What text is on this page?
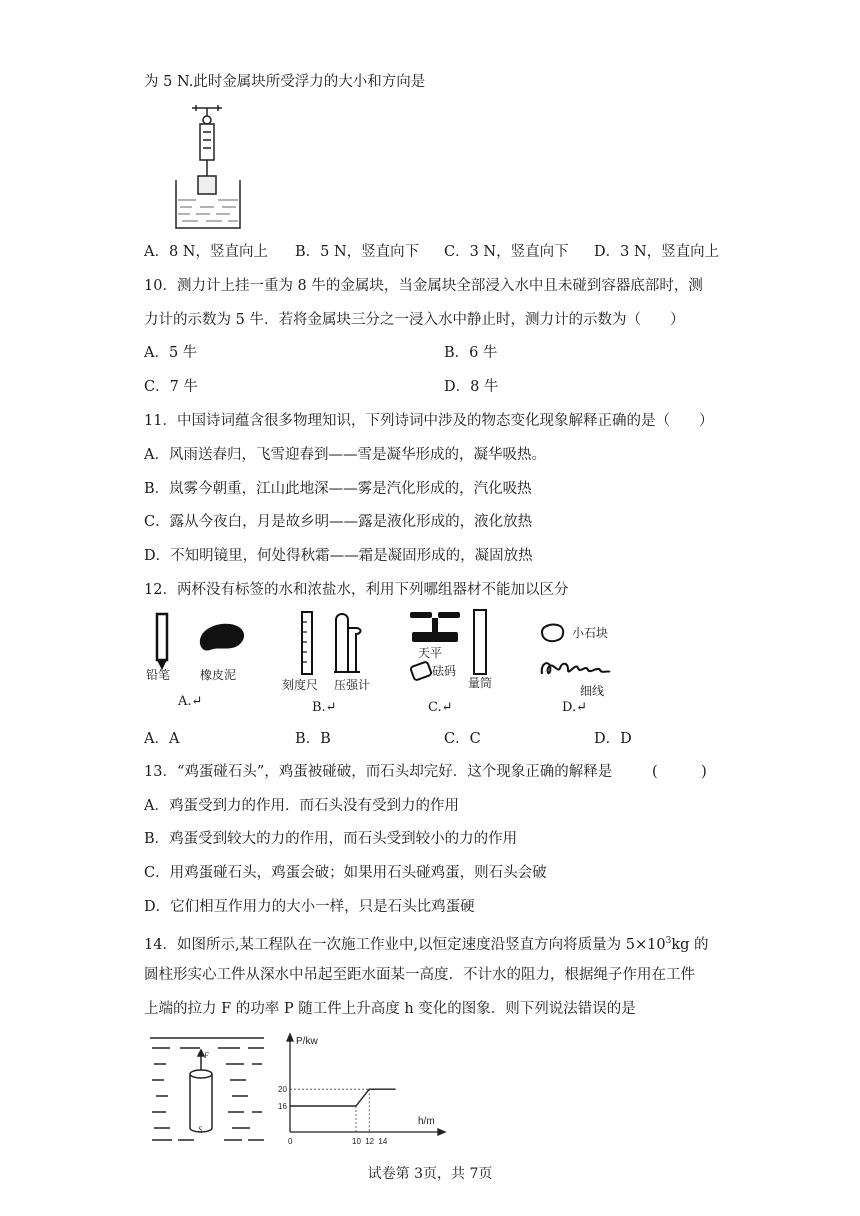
为 5 N.此时金属块所受浮力的大小和方向是
A．8 N，竖直向上 B．5 N，竖直向下 C．3 N，竖直向下 D．3 N，竖直向上
10．测力计上挂一重为 8 牛的金属块，当金属块全部浸入水中且未碰到容器底部时，测
力计的示数为 5 牛．若将金属块三分之一浸入水中静止时，测力计的示数为（　　）
A．5 牛	B．6 牛
C．7 牛	D．8 牛
11．中国诗词蕴含很多物理知识，下列诗词中涉及的物态变化现象解释正确的是（　　）
A．风雨送春归，飞雪迎春到——雪是凝华形成的，凝华吸热。
B．岚雾今朝重，江山此地深——雾是汽化形成的，汽化吸热
C．露从今夜白，月是故乡明——露是液化形成的，液化放热
D．不知明镜里，何处得秋霜——霜是凝固形成的，凝固放热
12．两杯没有标签的水和浓盐水，利用下列哪组器材不能加以区分
铅笔 橡皮泥
A.↵
刻度尺 压强计
B.↵
天平
砝码
量筒
C.↵
小石块
细线
D.↵
A．A	B．B	C．C	D．D
13．“鸡蛋碰石头”，鸡蛋被碰破，而石头却完好．这个现象正确的解释是	(　　　)
A．鸡蛋受到力的作用．而石头没有受到力的作用
B．鸡蛋受到较大的力的作用，而石头受到较小的力的作用
C．用鸡蛋碰石头，鸡蛋会破；如果用石头碰鸡蛋，则石头会破
D．它们相互作用力的大小一样，只是石头比鸡蛋硬
14．如图所示,某工程队在一次施工作业中,以恒定速度沿竖直方向将质量为 $5\times 10^3kg$ 的
圆柱形实心工件从深水中吊起至距水面某一高度．不计水的阻力，根据绳子作用在工件
上端的拉力 F 的功率 P 随工件上升高度 h 变化的图象．则下列说法错误的是
F
S
0	10 12 14
16
20
P/kw
h/m
试卷第 3页，共 7页
